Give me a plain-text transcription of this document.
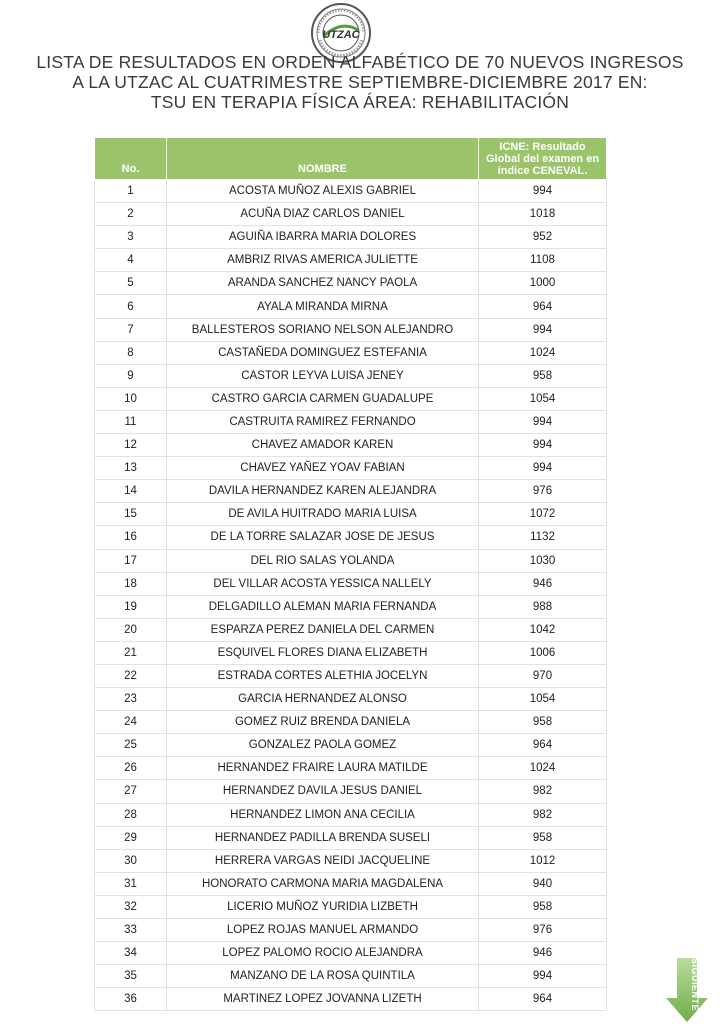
UTZAC
LISTA DE RESULTADOS EN ORDEN ALFABÉTICO DE 70 NUEVOS INGRESOS
A LA UTZAC AL CUATRIMESTRE SEPTIEMBRE-DICIEMBRE 2017 EN:
TSU EN TERAPIA FÍSICA ÁREA: REHABILITACIÓN
No.	NOMBRE	ICNE: Resultado
Global del examen en
índice CENEVAL.

1	ACOSTA MUÑOZ ALEXIS GABRIEL	994
2	ACUÑA DIAZ CARLOS DANIEL	1018
3	AGUIÑA IBARRA MARIA DOLORES	952
4	AMBRIZ RIVAS AMERICA JULIETTE	1108
5	ARANDA SANCHEZ NANCY PAOLA	1000
6	AYALA MIRANDA MIRNA	964
7	BALLESTEROS SORIANO NELSON ALEJANDRO	994
8	CASTAÑEDA DOMINGUEZ ESTEFANIA	1024
9	CASTOR LEYVA LUISA JENEY	958
10	CASTRO GARCIA CARMEN GUADALUPE	1054
11	CASTRUITA RAMIREZ FERNANDO	994
12	CHAVEZ AMADOR KAREN	994
13	CHAVEZ YAÑEZ YOAV FABIAN	994
14	DAVILA HERNANDEZ KAREN ALEJANDRA	976
15	DE AVILA HUITRADO MARIA LUISA	1072
16	DE LA TORRE SALAZAR JOSE DE JESUS	1132
17	DEL RIO SALAS YOLANDA	1030
18	DEL VILLAR ACOSTA YESSICA NALLELY	946
19	DELGADILLO ALEMAN MARIA FERNANDA	988
20	ESPARZA PEREZ DANIELA DEL CARMEN	1042
21	ESQUIVEL FLORES DIANA ELIZABETH	1006
22	ESTRADA CORTES ALETHIA JOCELYN	970
23	GARCIA HERNANDEZ ALONSO	1054
24	GOMEZ RUIZ BRENDA DANIELA	958
25	GONZALEZ PAOLA GOMEZ	964
26	HERNANDEZ FRAIRE LAURA MATILDE	1024
27	HERNANDEZ DAVILA JESUS DANIEL	982
28	HERNANDEZ LIMON ANA CECILIA	982
29	HERNANDEZ PADILLA BRENDA SUSELI	958
30	HERRERA VARGAS NEIDI JACQUELINE	1012
31	HONORATO CARMONA MARIA MAGDALENA	940
32	LICERIO MUÑOZ YURIDIA LIZBETH	958
33	LOPEZ ROJAS MANUEL ARMANDO	976
34	LOPEZ PALOMO ROCIO ALEJANDRA	946
35	MANZANO DE LA ROSA QUINTILA	994
36	MARTINEZ LOPEZ JOVANNA LIZETH	964	SIGUIENTE
